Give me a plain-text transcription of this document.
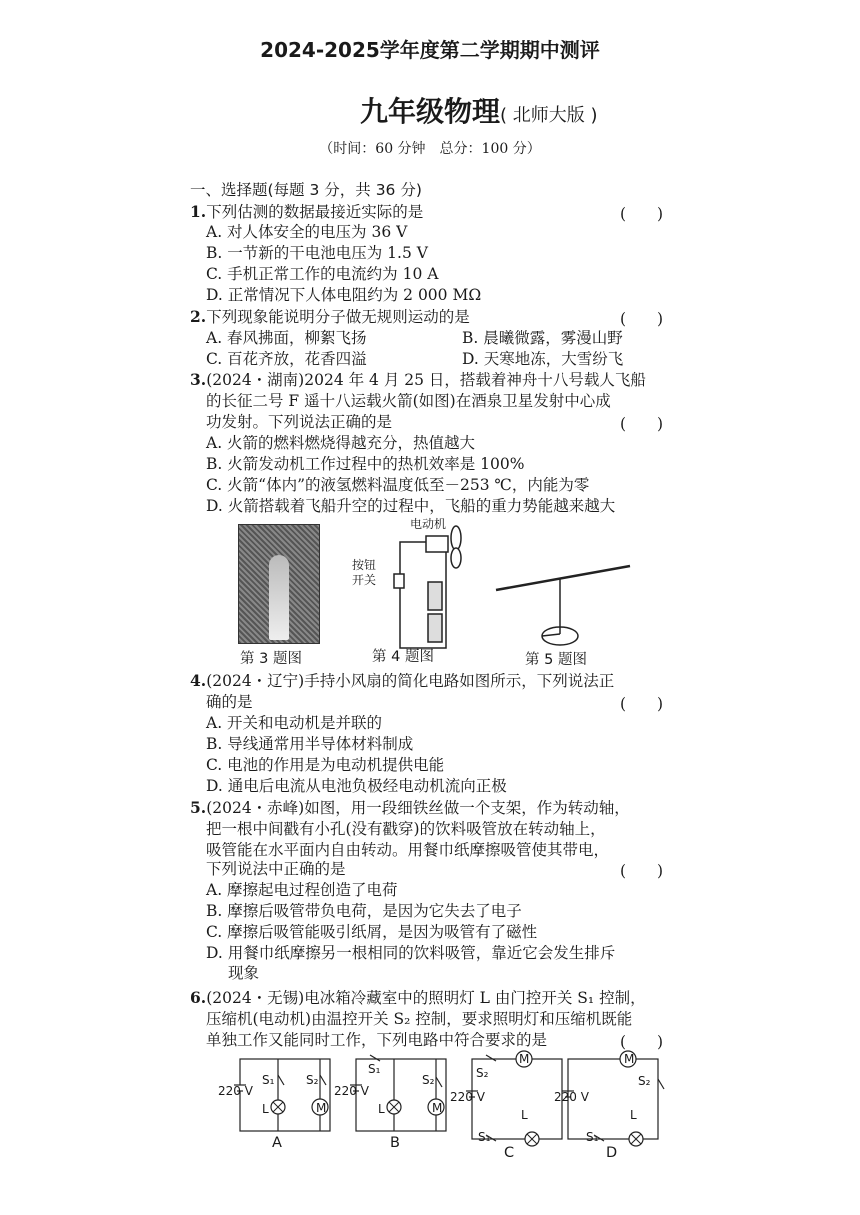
2024-2025学年度第二学期期中测评
九年级物理( 北师大版 )
（时间：60 分钟　总分：100 分）
一、选择题(每题 3 分，共 36 分)
1.下列估测的数据最接近实际的是	(　　)
A. 对人体安全的电压为 36 V
B. 一节新的干电池电压为 1.5 V
C. 手机正常工作的电流约为 10 A
D. 正常情况下人体电阻约为 2 000 MΩ
2.下列现象能说明分子做无规则运动的是	(　　)
A. 春风拂面，柳絮飞扬	B. 晨曦微露，雾漫山野
C. 百花齐放，花香四溢	D. 天寒地冻，大雪纷飞
3.(2024・湖南)2024 年 4 月 25 日，搭载着神舟十八号载人飞船
的长征二号 F 遥十八运载火箭(如图)在酒泉卫星发射中心成
功发射。下列说法正确的是	(　　)
A. 火箭的燃料燃烧得越充分，热值越大
B. 火箭发动机工作过程中的热机效率是 100%
C. 火箭“体内”的液氢燃料温度低至－253 ℃，内能为零
D. 火箭搭载着飞船升空的过程中，飞船的重力势能越来越大
第 3 题图
电动机
按钮
开关
第 4 题图	第 5 题图
4.(2024・辽宁)手持小风扇的简化电路如图所示，下列说法正
确的是	(　　)
A. 开关和电动机是并联的
B. 导线通常用半导体材料制成
C. 电池的作用是为电动机提供电能
D. 通电后电流从电池负极经电动机流向正极
5.(2024・赤峰)如图，用一段细铁丝做一个支架，作为转动轴，
把一根中间戳有小孔(没有戳穿)的饮料吸管放在转动轴上，
吸管能在水平面内自由转动。用餐巾纸摩擦吸管使其带电，
下列说法中正确的是	(　　)
A. 摩擦起电过程创造了电荷
B. 摩擦后吸管带负电荷，是因为它失去了电子
C. 摩擦后吸管能吸引纸屑，是因为吸管有了磁性
D. 用餐巾纸摩擦另一根相同的饮料吸管，靠近它会发生排斥
现象
6.(2024・无锡)电冰箱冷藏室中的照明灯 L 由门控开关 S₁ 控制，
压缩机(电动机)由温控开关 S₂ 控制，要求照明灯和压缩机既能
单独工作又能同时工作，下列电路中符合要求的是	(　　)
220 V
S₁	S₂
L	M
A
220 V
S₁
S₂
L	M
B
220 V
S₂
S₁
L
M
C
220 V
S₂
S₁
L
M
D
